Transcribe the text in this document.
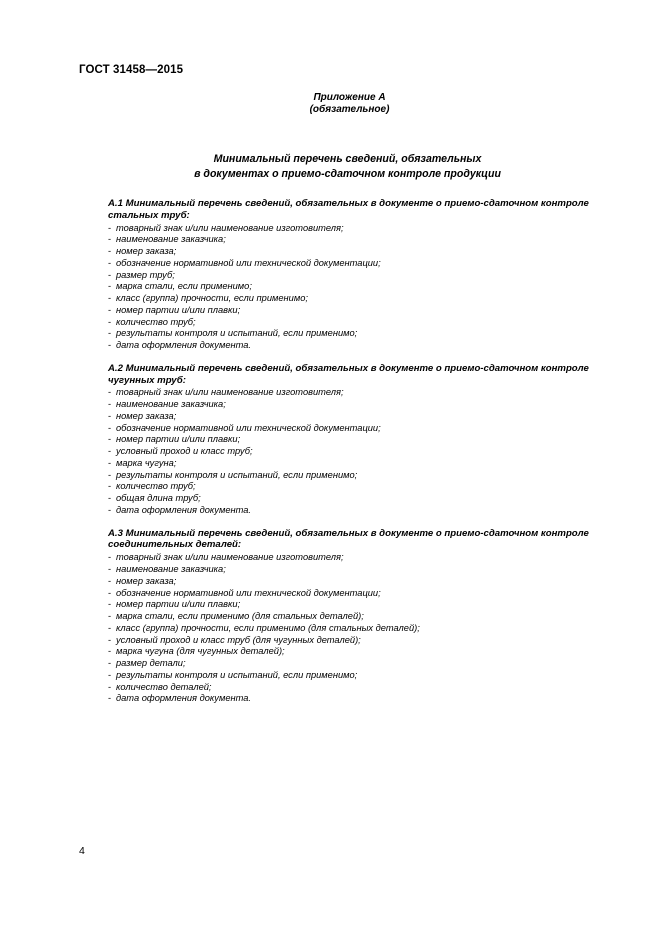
ГОСТ 31458—2015
Приложение А
(обязательное)
Минимальный перечень сведений, обязательных
в документах о приемо-сдаточном контроле продукции
А.1 Минимальный перечень сведений, обязательных в документе о приемо-сдаточном контроле
стальных труб:
- товарный знак и/или наименование изготовителя;
- наименование заказчика;
- номер заказа;
- обозначение нормативной или технической документации;
- размер труб;
- марка стали, если применимо;
- класс (группа) прочности, если применимо;
- номер партии и/или плавки;
- количество труб;
- результаты контроля и испытаний, если применимо;
- дата оформления документа.
А.2 Минимальный перечень сведений, обязательных в документе о приемо-сдаточном контроле
чугунных труб:
- товарный знак и/или наименование изготовителя;
- наименование заказчика;
- номер заказа;
- обозначение нормативной или технической документации;
- номер партии и/или плавки;
- условный проход и класс труб;
- марка чугуна;
- результаты контроля и испытаний, если применимо;
- количество труб;
- общая длина труб;
- дата оформления документа.
А.3 Минимальный перечень сведений, обязательных в документе о приемо-сдаточном контроле
соединительных деталей:
- товарный знак и/или наименование изготовителя;
- наименование заказчика;
- номер заказа;
- обозначение нормативной или технической документации;
- номер партии и/или плавки;
- марка стали, если применимо (для стальных деталей);
- класс (группа) прочности, если применимо (для стальных деталей);
- условный проход и класс труб (для чугунных деталей);
- марка чугуна (для чугунных деталей);
- размер детали;
- результаты контроля и испытаний, если применимо;
- количество деталей;
- дата оформления документа.
4
